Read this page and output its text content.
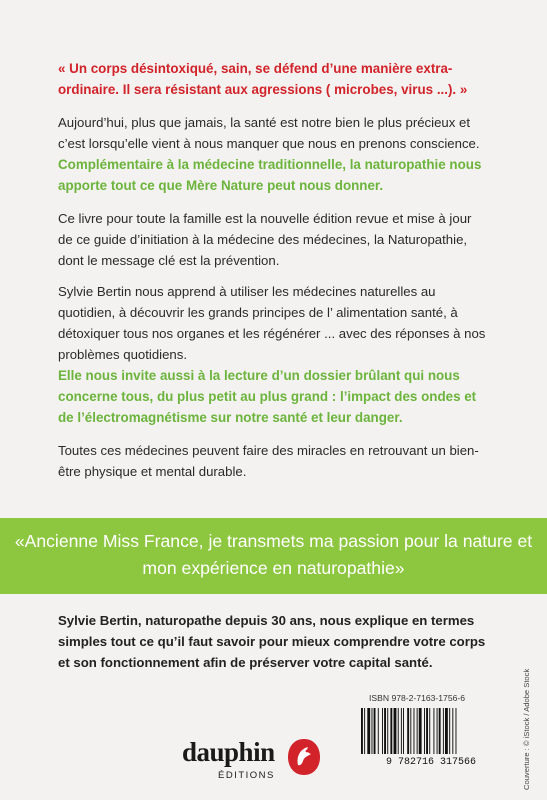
« Un corps désintoxiqué, sain, se défend d’une manière extra-ordinaire. Il sera résistant aux agressions ( microbes, virus ...). »

Aujourd’hui, plus que jamais, la santé est notre bien le plus précieux et c’est lorsqu’elle vient à nous manquer que nous en prenons conscience.

Complémentaire à la médecine traditionnelle, la naturopathie nous apporte tout ce que Mère Nature peut nous donner.

Ce livre pour toute la famille est la nouvelle édition revue et mise à jour de ce guide d’initiation à la médecine des médecines, la Naturopathie, dont le message clé est la prévention.

Sylvie Bertin nous apprend à utiliser les médecines naturelles au quotidien, à découvrir les grands principes de l’ alimentation santé, à détoxiquer tous nos organes et les régénérer ... avec des réponses à nos problèmes quotidiens.

Elle nous invite aussi à la lecture d’un dossier brûlant qui nous concerne tous, du plus petit au plus grand : l’impact des ondes et de l’électromagnétisme sur notre santé et leur danger.

Toutes ces médecines peuvent faire des miracles en retrouvant un bien-être physique et mental durable.

«Ancienne Miss France, je transmets ma passion pour la nature et mon expérience en naturopathie»

Sylvie Bertin, naturopathe depuis 30 ans, nous explique en termes simples tout ce qu’il faut savoir pour mieux comprendre votre corps et son fonctionnement afin de préserver votre capital santé.

ISBN 978-2-7163-1756-6
9 782716 317566	Couverture : © iStock / Adobe Stock
dauphin
ÉDITIONS
